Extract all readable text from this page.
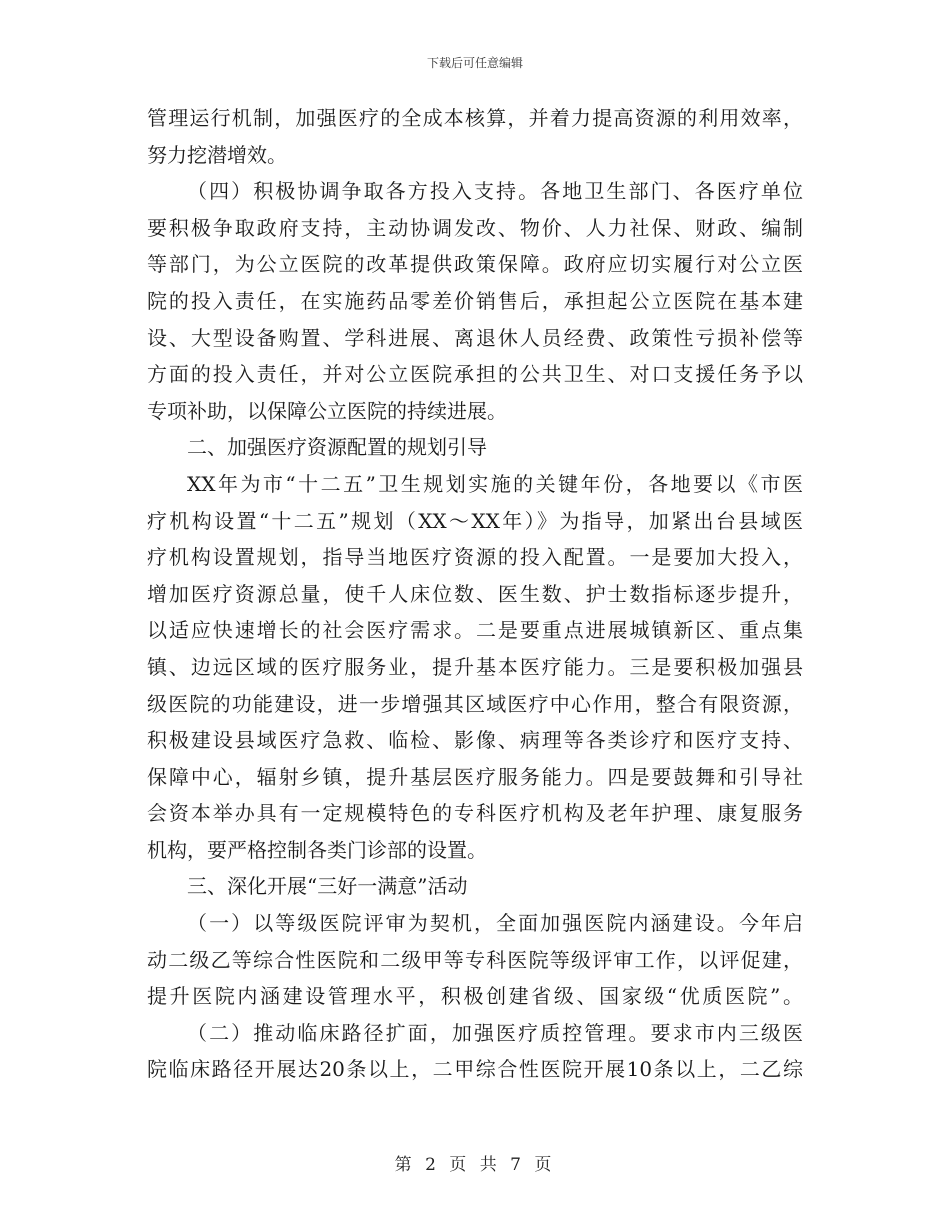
下载后可任意编辑
管理运行机制，加强医疗的全成本核算，并着力提高资源的利用效率，
努力挖潜增效。
（四）积极协调争取各方投入支持。各地卫生部门、各医疗单位
要积极争取政府支持，主动协调发改、物价、人力社保、财政、编制
等部门，为公立医院的改革提供政策保障。政府应切实履行对公立医
院的投入责任，在实施药品零差价销售后，承担起公立医院在基本建
设、大型设备购置、学科进展、离退休人员经费、政策性亏损补偿等
方面的投入责任，并对公立医院承担的公共卫生、对口支援任务予以
专项补助，以保障公立医院的持续进展。
二、加强医疗资源配置的规划引导
XX年为市“十二五”卫生规划实施的关键年份，各地要以《市医
疗机构设置“十二五”规划（XX～XX年）》为指导，加紧出台县域医
疗机构设置规划，指导当地医疗资源的投入配置。一是要加大投入，
增加医疗资源总量，使千人床位数、医生数、护士数指标逐步提升，
以适应快速增长的社会医疗需求。二是要重点进展城镇新区、重点集
镇、边远区域的医疗服务业，提升基本医疗能力。三是要积极加强县
级医院的功能建设，进一步增强其区域医疗中心作用，整合有限资源，
积极建设县域医疗急救、临检、影像、病理等各类诊疗和医疗支持、
保障中心，辐射乡镇，提升基层医疗服务能力。四是要鼓舞和引导社
会资本举办具有一定规模特色的专科医疗机构及老年护理、康复服务
机构，要严格控制各类门诊部的设置。
三、深化开展“三好一满意”活动
（一）以等级医院评审为契机，全面加强医院内涵建设。今年启
动二级乙等综合性医院和二级甲等专科医院等级评审工作，以评促建，
提升医院内涵建设管理水平，积极创建省级、国家级“优质医院”。
（二）推动临床路径扩面，加强医疗质控管理。要求市内三级医
院临床路径开展达20条以上，二甲综合性医院开展10条以上，二乙综
第 2 页 共 7 页
